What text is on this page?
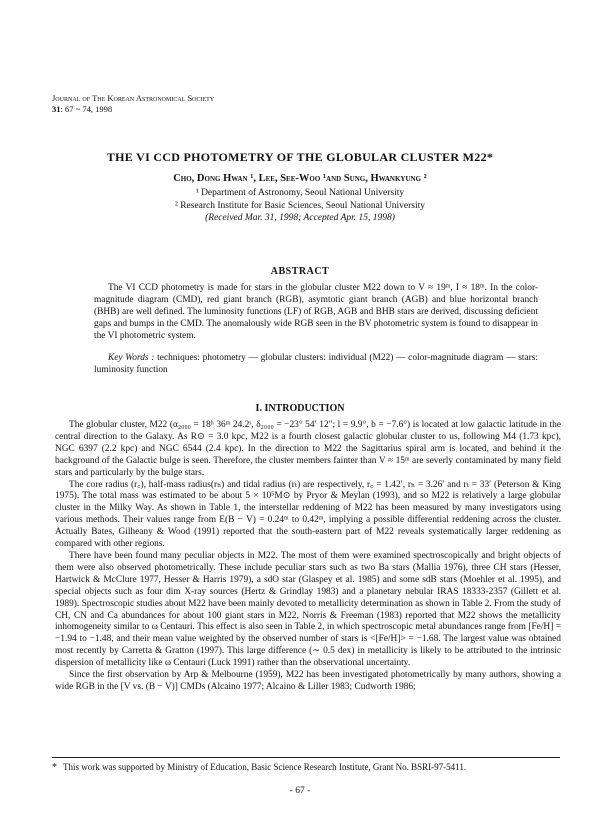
Journal of The Korean Astronomical Society
31: 67 ~ 74, 1998
THE VI CCD PHOTOMETRY OF THE GLOBULAR CLUSTER M22*
Cho, Dong Hwan ¹, Lee, See-Woo ¹and Sung, Hwankyung ²
¹ Department of Astronomy, Seoul National University
² Research Institute for Basic Sciences, Seoul National University
(Received Mar. 31, 1998; Accepted Apr. 15, 1998)
ABSTRACT
The VI CCD photometry is made for stars in the globular cluster M22 down to V ≈ 19ᵐ, I ≈ 18ᵐ. In the color-magnitude diagram (CMD), red giant branch (RGB), asymtotic giant branch (AGB) and blue horizontal branch (BHB) are well defined. The luminosity functions (LF) of RGB, AGB and BHB stars are derived, discussing deficient gaps and bumps in the CMD. The anomalously wide RGB seen in the BV photometric system is found to disappear in the VI photometric system.
Key Words : techniques: photometry — globular clusters: individual (M22) — color-magnitude diagram — stars: luminosity function
I. INTRODUCTION

The globular cluster, M22 (α₂₀₀₀ = 18ʰ 36ᵐ 24.2ˢ, δ₂₀₀₀ = −23° 54′ 12″; l = 9.9°, b = −7.6°) is located at low galactic latitude in the central direction to the Galaxy. As R⊙ = 3.0 kpc, M22 is a fourth closest galactic globular cluster to us, following M4 (1.73 kpc), NGC 6397 (2.2 kpc) and NGC 6544 (2.4 kpc). In the direction to M22 the Sagittarius spiral arm is located, and behind it the background of the Galactic bulge is seen. Therefore, the cluster members fainter than V ≈ 15ᵐ are severly contaminated by many field stars and particularly by the bulge stars.

The core radius (r꜀), half-mass radius(rₕ) and tidal radius (rₜ) are respectively, r꜀ = 1.42′, rₕ = 3.26′ and rₜ = 33′ (Peterson & King 1975). The total mass was estimated to be about 5 × 10⁵M⊙ by Pryor & Meylan (1993), and so M22 is relatively a large globular cluster in the Milky Way. As shown in Table 1, the interstellar reddening of M22 has been measured by many investigators using various methods. Their values range from E(B − V) = 0.24ᵐ to 0.42ᵐ, implying a possible differential reddening across the cluster. Actually Bates, Gilheany & Wood (1991) reported that the south-eastern part of M22 reveals systematically larger reddening as compared with other regions.

There have been found many peculiar objects in M22. The most of them were examined spectroscopically and bright objects of them were also observed photometrically. These include peculiar stars such as two Ba stars (Mallia 1976), three CH stars (Hesser, Hartwick & McClure 1977, Hesser & Harris 1979), a sdO star (Glaspey et al. 1985) and some sdB stars (Moehler et al. 1995), and special objects such as four dim X-ray sources (Hertz & Grindlay 1983) and a planetary nebular IRAS 18333-2357 (Gillett et al. 1989). Spectroscopic studies about M22 have been mainly devoted to metallicity determination as shown in Table 2. From the study of CH, CN and Ca abundances for about 100 giant stars in M22, Norris & Freeman (1983) reported that M22 shows the metallicity inhomogeneity similar to ω Centauri. This effect is also seen in Table 2, in which spectroscopic metal abundances range from [Fe/H] = −1.94 to −1.48, and their mean value weighted by the observed number of stars is <[Fe/H]> = −1.68. The largest value was obtained most recently by Carretta & Gratton (1997). This large difference (∼ 0.5 dex) in metallicity is likely to be attributed to the intrinsic dispersion of metallicity like ω Centauri (Luck 1991) rather than the observational uncertainty.

Since the first observation by Arp & Melbourne (1959), M22 has been investigated photometrically by many authors, showing a wide RGB in the [V vs. (B − V)] CMDs (Alcaino 1977; Alcaino & Liller 1983; Cudworth 1986;

* This work was supported by Ministry of Education, Basic Science Research Institute, Grant No. BSRI-97-5411.
- 67 -
